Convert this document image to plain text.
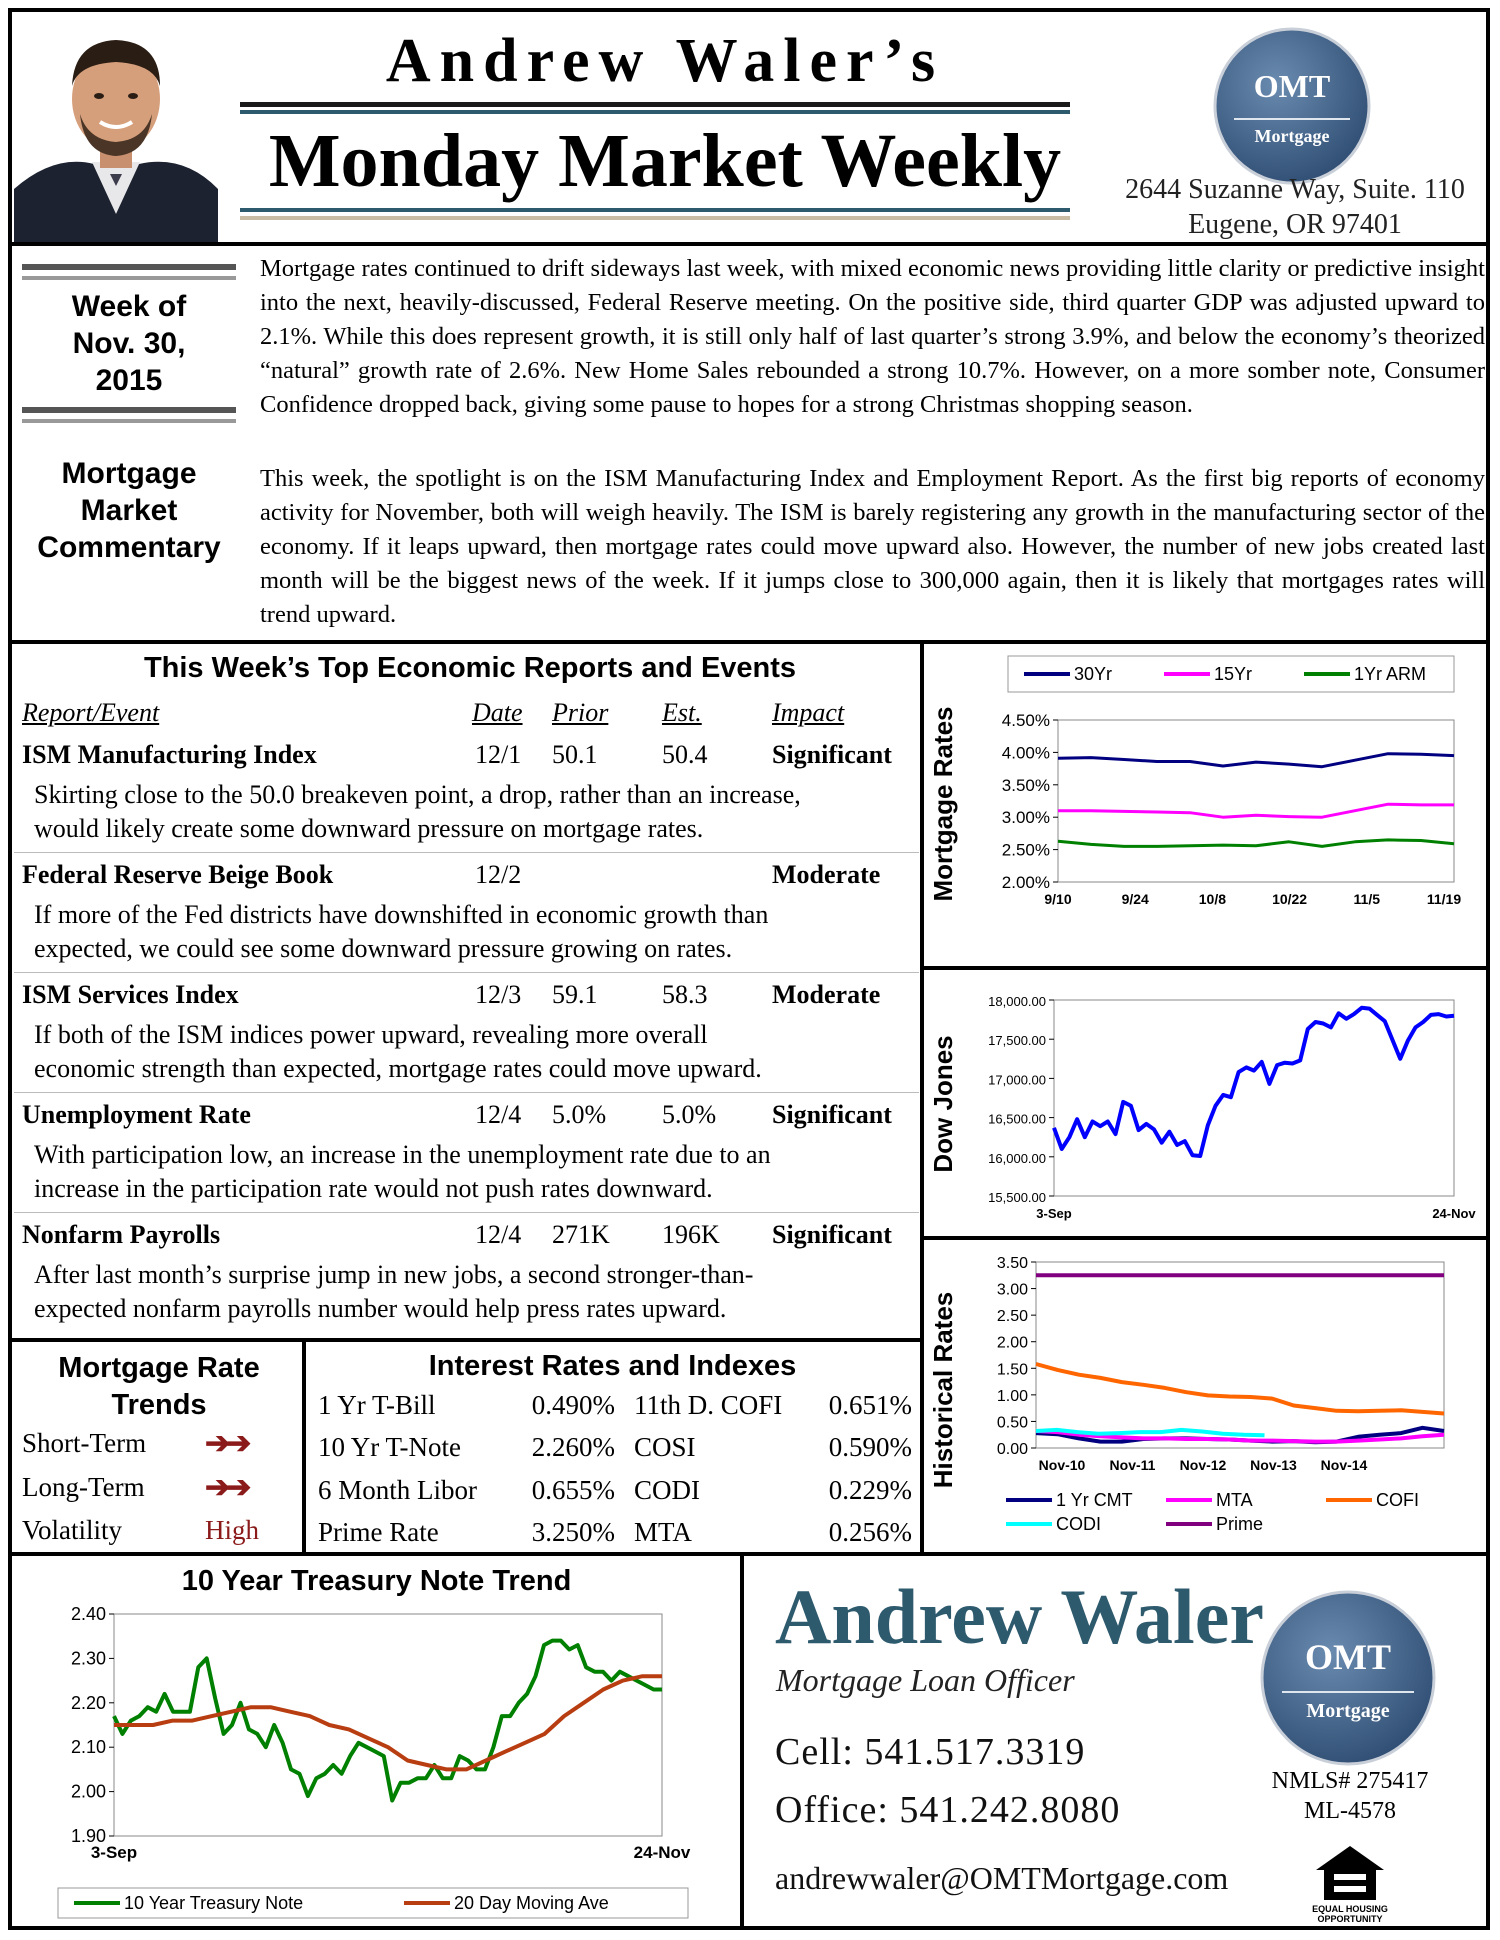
Andrew Waler’s
Monday Market Weekly
OMT
Mortgage
2644 Suzanne Way, Suite. 110
Eugene, OR 97401
Week of
Nov. 30,
2015
Mortgage
Market
Commentary
Mortgage rates continued to drift sideways last week, with mixed economic news providing little clarity or predictive insight into the next, heavily-discussed, Federal Reserve meeting. On the positive side, third quarter GDP was adjusted upward to 2.1%. While this does represent growth, it is still only half of last quarter’s strong 3.9%, and below the economy’s theorized “natural” growth rate of 2.6%. New Home Sales rebounded a strong 10.7%. However, on a more somber note, Consumer Confidence dropped back, giving some pause to hopes for a strong Christmas shopping season.
This week, the spotlight is on the ISM Manufacturing Index and Employment Report. As the first big reports of economy activity for November, both will weigh heavily. The ISM is barely registering any growth in the manufacturing sector of the economy. If it leaps upward, then mortgage rates could move upward also. However, the number of new jobs created last month will be the biggest news of the week. If it jumps close to 300,000 again, then it is likely that mortgages rates will trend upward.
This Week’s Top Economic Reports and Events
Report/Event	Date Prior Est.	Impact
ISM Manufacturing Index	12/1 50.1 50.4 Significant
Skirting close to the 50.0 breakeven point, a drop, rather than an increase,
would likely create some downward pressure on mortgage rates.
Federal Reserve Beige Book	12/2	Moderate
If more of the Fed districts have downshifted in economic growth than
expected, we could see some downward pressure growing on rates.
ISM Services Index	12/3 59.1 58.3 Moderate
If both of the ISM indices power upward, revealing more overall
economic strength than expected, mortgage rates could move upward.
Unemployment Rate	12/4 5.0% 5.0% Significant
With participation low, an increase in the unemployment rate due to an
increase in the participation rate would not push rates downward.
Nonfarm Payrolls	12/4 271K 196K Significant
After last month’s surprise jump in new jobs, a second stronger-than-
expected nonfarm payrolls number would help press rates upward.
Mortgage Rate
Trends
Short-Term ➔➔
Long-Term ➔➔
Volatility	High
Interest Rates and Indexes
1 Yr T-Bill	0.490% 11th D. COFI	0.651%
10 Yr T-Note	2.260% COSI	0.590%
6 Month Libor	0.655% CODI	0.229%
Prime Rate	3.250% MTA	0.256%
30Yr	15Yr	1Yr ARM
4.50%
4.00%
3.50%
3.00%
2.50%
2.00%
9/10	9/24	10/8	10/22	11/5	11/19
Mortgage Rates
18,000.00
17,500.00
17,000.00
16,500.00
16,000.00
15,500.00
3-Sep	24-Nov
Dow Jones
3.50
3.00
2.50
2.00
1.50
1.00
0.50
0.00
Nov-10 Nov-11 Nov-12 Nov-13 Nov-14
Historical Rates
1 Yr CMT	MTA	COFI
CODI	Prime
10 Year Treasury Note Trend
2.40
2.30
2.20
2.10
2.00
1.90
3-Sep	24-Nov
10 Year Treasury Note	20 Day Moving Ave
Andrew Waler
Mortgage Loan Officer
Cell: 541.517.3319
Office: 541.242.8080
andrewwaler@OMTMortgage.com
OMT
Mortgage
NMLS# 275417
ML-4578
EQUAL HOUSING
OPPORTUNITY
